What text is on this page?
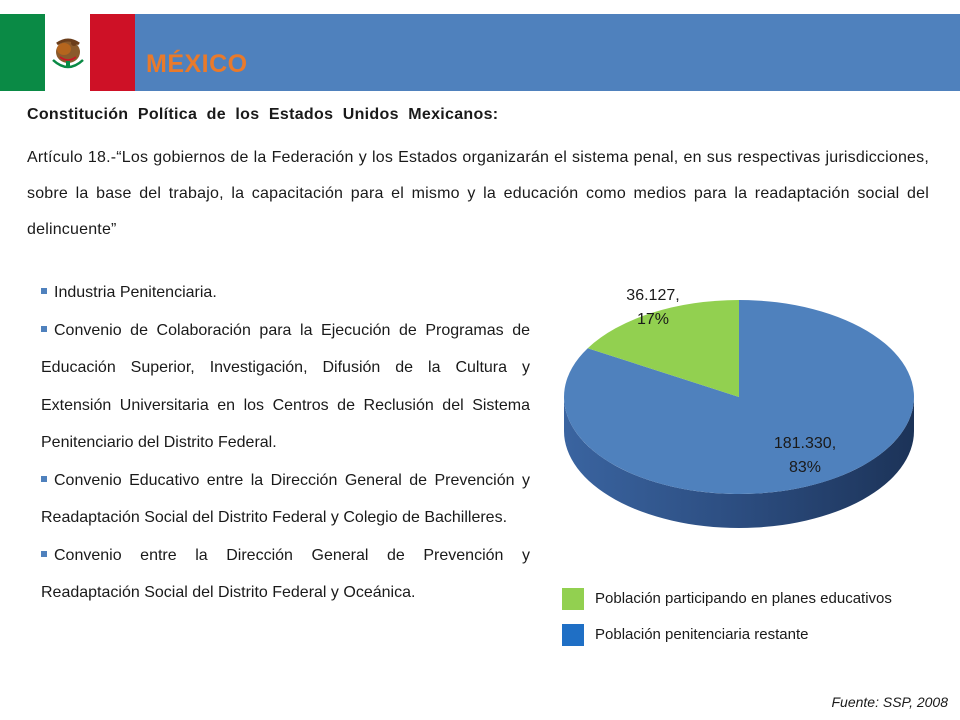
MÉXICO
Constitución  Política  de  los  Estados  Unidos  Mexicanos:
Artículo 18.-“Los gobiernos de la Federación y los Estados organizarán el sistema penal, en sus respectivas jurisdicciones, sobre la base del trabajo, la capacitación para el mismo y la educación como medios para la readaptación social del delincuente”
Industria Penitenciaria.
Convenio de Colaboración para la Ejecución de Programas de Educación Superior, Investigación, Difusión de la Cultura y Extensión Universitaria en los Centros de Reclusión del Sistema Penitenciario del Distrito Federal.
Convenio Educativo entre la Dirección General de Prevención y Readaptación Social del Distrito Federal y Colegio de Bachilleres.
Convenio entre la Dirección General de Prevención y Readaptación Social del Distrito Federal y Oceánica.
36.127,
17%
181.330,
83%
Población participando en planes educativos
Población penitenciaria restante
Fuente: SSP, 2008
